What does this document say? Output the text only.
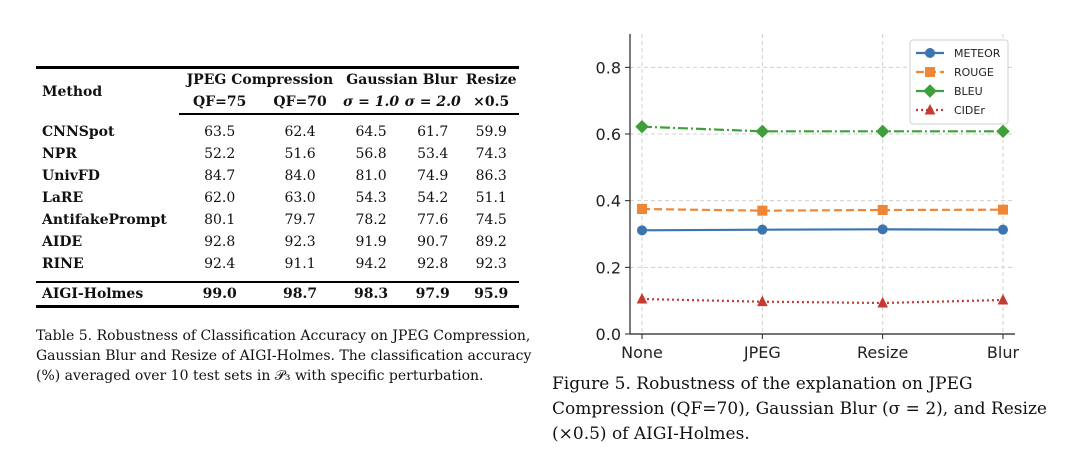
Method	JPEG Compression		Gaussian Blur		Resize
	QF=75	QF=70	σ = 1.0	σ = 2.0	×0.5

CNNSpot	63.5	62.4	64.5	61.7	59.9
NPR	52.2	51.6	56.8	53.4	74.3
UnivFD	84.7	84.0	81.0	74.9	86.3
LaRE	62.0	63.0	54.3	54.2	51.1
AntifakePrompt	80.1	79.7	78.2	77.6	74.5
AIDE	92.8	92.3	91.9	90.7	89.2
RINE	92.4	91.1	94.2	92.8	92.3

AIGI-Holmes	99.0	98.7	98.3	97.9	95.9
Table 5. Robustness of Classification Accuracy on JPEG Compression, Gaussian Blur and Resize of AIGI-Holmes. The classification accuracy (%) averaged over 10 test sets in 𝒫₃ with specific perturbation.
0.0
0.2
0.4
0.6
0.8
None	JPEG	Resize	Blur
METEOR
ROUGE
BLEU
CIDEr
Figure 5. Robustness of the explanation on JPEG Compression (QF=70), Gaussian Blur (σ = 2), and Resize (×0.5) of AIGI-Holmes.
